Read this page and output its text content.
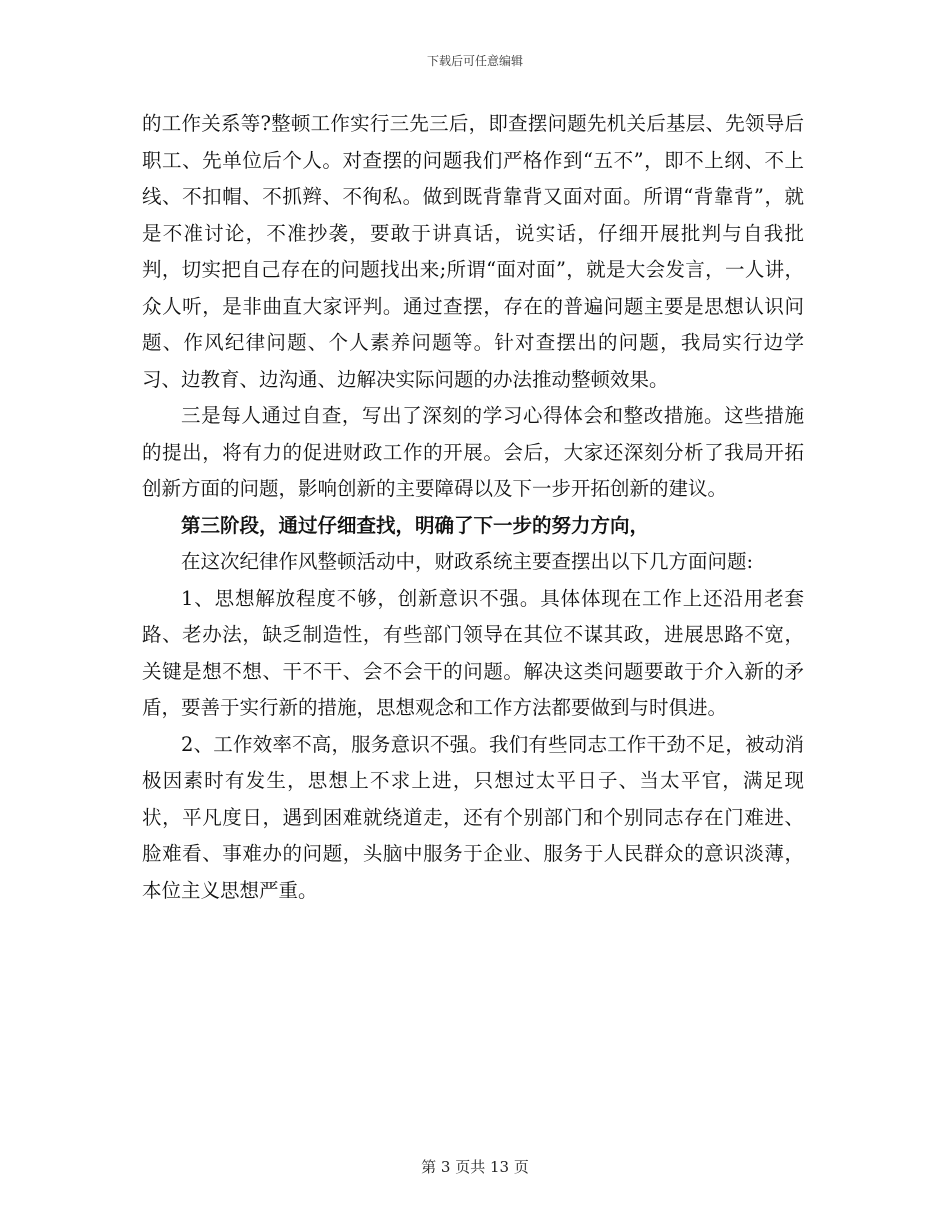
下载后可任意编辑

的工作关系等?整顿工作实行三先三后，即查摆问题先机关后基层、先领导后职工、先单位后个人。对查摆的问题我们严格作到“五不”，即不上纲、不上线、不扣帽、不抓辫、不徇私。做到既背靠背又面对面。所谓“背靠背”，就是不准讨论，不准抄袭，要敢于讲真话，说实话，仔细开展批判与自我批判，切实把自己存在的问题找出来;所谓“面对面”，就是大会发言，一人讲，众人听，是非曲直大家评判。通过查摆，存在的普遍问题主要是思想认识问题、作风纪律问题、个人素养问题等。针对查摆出的问题，我局实行边学习、边教育、边沟通、边解决实际问题的办法推动整顿效果。

三是每人通过自查，写出了深刻的学习心得体会和整改措施。这些措施的提出，将有力的促进财政工作的开展。会后，大家还深刻分析了我局开拓创新方面的问题，影响创新的主要障碍以及下一步开拓创新的建议。

第三阶段，通过仔细查找，明确了下一步的努力方向，

在这次纪律作风整顿活动中，财政系统主要查摆出以下几方面问题:

1、思想解放程度不够，创新意识不强。具体体现在工作上还沿用老套路、老办法，缺乏制造性，有些部门领导在其位不谋其政，进展思路不宽，关键是想不想、干不干、会不会干的问题。解决这类问题要敢于介入新的矛盾，要善于实行新的措施，思想观念和工作方法都要做到与时俱进。

2、工作效率不高，服务意识不强。我们有些同志工作干劲不足，被动消极因素时有发生，思想上不求上进，只想过太平日子、当太平官，满足现状，平凡度日，遇到困难就绕道走，还有个别部门和个别同志存在门难进、脸难看、事难办的问题，头脑中服务于企业、服务于人民群众的意识淡薄，本位主义思想严重。

第 3 页共 13 页
